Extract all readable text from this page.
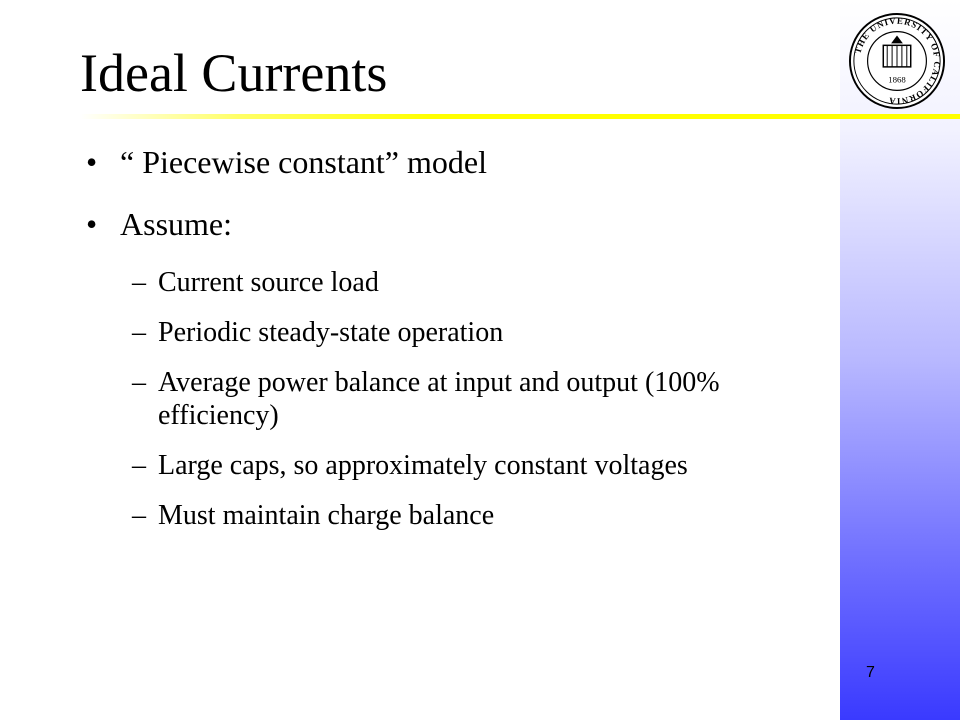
Ideal Currents	THE UNIVERSITY OF CALIFORNIA
1868
• “ Piecewise constant” model
• Assume:
– Current source load
– Periodic steady-state operation
– Average power balance at input and output (100% efficiency)
– Large caps, so approximately constant voltages
– Must maintain charge balance
7
